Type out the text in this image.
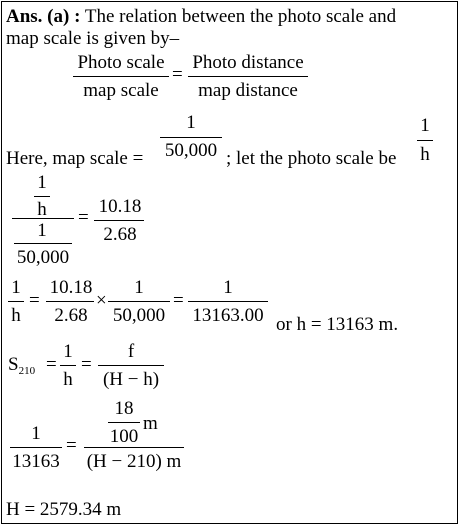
Ans. (a) : The relation between the photo scale and
map scale is given by–
Photo scale
map scale
=
Photo distance
map distance
Here, map scale =
1
50,000 ; let the photo scale be
1
h
1
h
1
50,000
=
10.18
2.68
1
h
=
10.18
2.68
×
1
50,000
=
1
13163.00 or h = 13163 m.
$S_{210}$ =
1
h
=
f
(H − h)
1
13163
=
18
100
m
(H − 210) m
H = 2579.34 m
